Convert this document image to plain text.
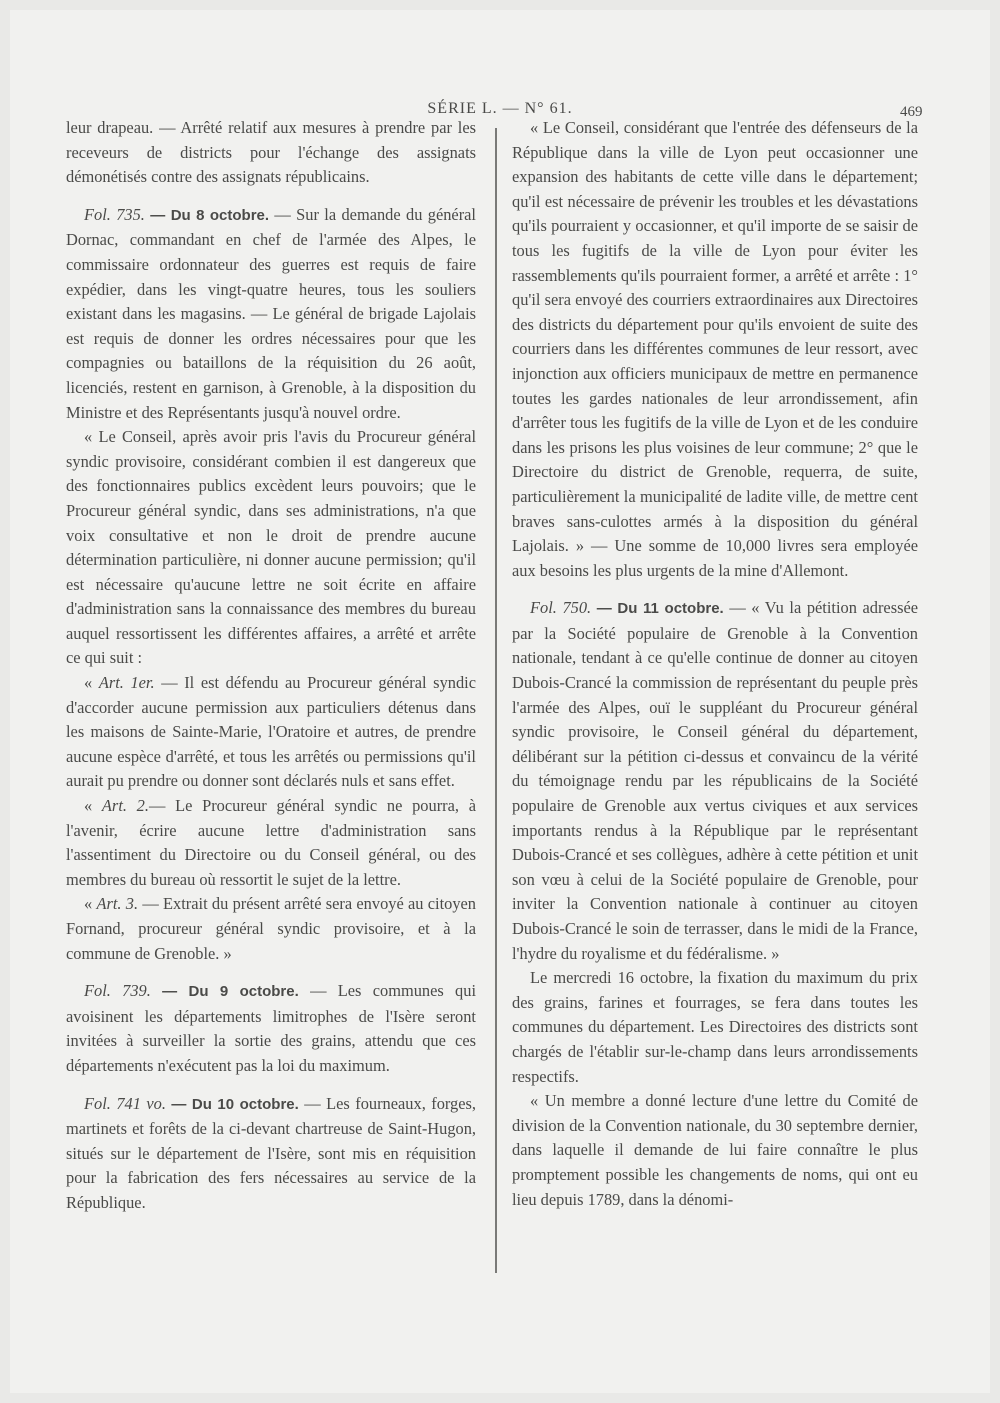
SÉRIE L. — N° 61.	469

leur drapeau. — Arrêté relatif aux mesures à prendre par les receveurs de districts pour l'échange des assignats démonétisés contre des assignats républicains.

Fol. 735. — Du 8 octobre. — Sur la demande du général Dornac, commandant en chef de l'armée des Alpes, le commissaire ordonnateur des guerres est requis de faire expédier, dans les vingt-quatre heures, tous les souliers existant dans les magasins. — Le général de brigade Lajolais est requis de donner les ordres nécessaires pour que les compagnies ou bataillons de la réquisition du 26 août, licenciés, restent en garnison, à Grenoble, à la disposition du Ministre et des Représentants jusqu'à nouvel ordre.

« Le Conseil, après avoir pris l'avis du Procureur général syndic provisoire, considérant combien il est dangereux que des fonctionnaires publics excèdent leurs pouvoirs; que le Procureur général syndic, dans ses administrations, n'a que voix consultative et non le droit de prendre aucune détermination particulière, ni donner aucune permission; qu'il est nécessaire qu'aucune lettre ne soit écrite en affaire d'administration sans la connaissance des membres du bureau auquel ressortissent les différentes affaires, a arrêté et arrête ce qui suit :

« Art. 1er. — Il est défendu au Procureur général syndic d'accorder aucune permission aux particuliers détenus dans les maisons de Sainte-Marie, l'Oratoire et autres, de prendre aucune espèce d'arrêté, et tous les arrêtés ou permissions qu'il aurait pu prendre ou donner sont déclarés nuls et sans effet.

« Art. 2.— Le Procureur général syndic ne pourra, à l'avenir, écrire aucune lettre d'administration sans l'assentiment du Directoire ou du Conseil général, ou des membres du bureau où ressortit le sujet de la lettre.

« Art. 3. — Extrait du présent arrêté sera envoyé au citoyen Fornand, procureur général syndic provisoire, et à la commune de Grenoble. »

Fol. 739. — Du 9 octobre. — Les communes qui avoisinent les départements limitrophes de l'Isère seront invitées à surveiller la sortie des grains, attendu que ces départements n'exécutent pas la loi du maximum.

Fol. 741 vo. — Du 10 octobre. — Les fourneaux, forges, martinets et forêts de la ci-devant chartreuse de Saint-Hugon, situés sur le département de l'Isère, sont mis en réquisition pour la fabrication des fers nécessaires au service de la République.

« Le Conseil, considérant que l'entrée des défenseurs de la République dans la ville de Lyon peut occasionner une expansion des habitants de cette ville dans le département; qu'il est nécessaire de prévenir les troubles et les dévastations qu'ils pourraient y occasionner, et qu'il importe de se saisir de tous les fugitifs de la ville de Lyon pour éviter les rassemblements qu'ils pourraient former, a arrêté et arrête : 1° qu'il sera envoyé des courriers extraordinaires aux Directoires des districts du département pour qu'ils envoient de suite des courriers dans les différentes communes de leur ressort, avec injonction aux officiers municipaux de mettre en permanence toutes les gardes nationales de leur arrondissement, afin d'arrêter tous les fugitifs de la ville de Lyon et de les conduire dans les prisons les plus voisines de leur commune; 2° que le Directoire du district de Grenoble, requerra, de suite, particulièrement la municipalité de ladite ville, de mettre cent braves sans-culottes armés à la disposition du général Lajolais. » — Une somme de 10,000 livres sera employée aux besoins les plus urgents de la mine d'Allemont.

Fol. 750. — Du 11 octobre. — « Vu la pétition adressée par la Société populaire de Grenoble à la Convention nationale, tendant à ce qu'elle continue de donner au citoyen Dubois-Crancé la commission de représentant du peuple près l'armée des Alpes, ouï le suppléant du Procureur général syndic provisoire, le Conseil général du département, délibérant sur la pétition ci-dessus et convaincu de la vérité du témoignage rendu par les républicains de la Société populaire de Grenoble aux vertus civiques et aux services importants rendus à la République par le représentant Dubois-Crancé et ses collègues, adhère à cette pétition et unit son vœu à celui de la Société populaire de Grenoble, pour inviter la Convention nationale à continuer au citoyen Dubois-Crancé le soin de terrasser, dans le midi de la France, l'hydre du royalisme et du fédéralisme. »

Le mercredi 16 octobre, la fixation du maximum du prix des grains, farines et fourrages, se fera dans toutes les communes du département. Les Directoires des districts sont chargés de l'établir sur-le-champ dans leurs arrondissements respectifs.

« Un membre a donné lecture d'une lettre du Comité de division de la Convention nationale, du 30 septembre dernier, dans laquelle il demande de lui faire connaître le plus promptement possible les changements de noms, qui ont eu lieu depuis 1789, dans la dénomi-
